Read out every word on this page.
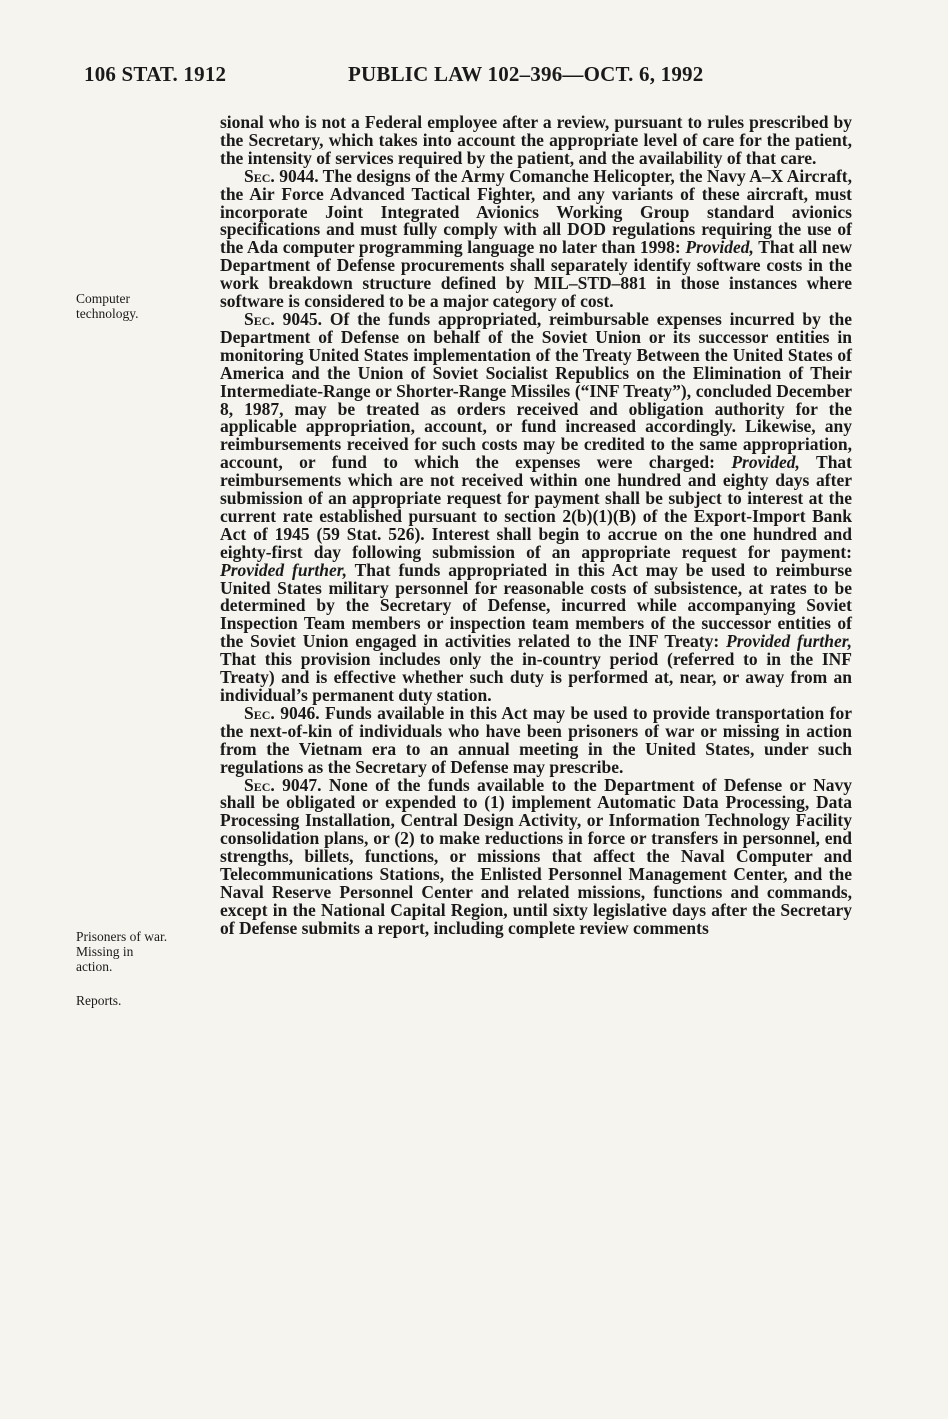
106 STAT. 1912	PUBLIC LAW 102–396—OCT. 6, 1992
Computer
technology.
Prisoners of war.
Missing in
action.
Reports.

sional who is not a Federal employee after a review, pursuant to rules prescribed by the Secretary, which takes into account the appropriate level of care for the patient, the intensity of services required by the patient, and the availability of that care.

Sec. 9044. The designs of the Army Comanche Helicopter, the Navy A–X Aircraft, the Air Force Advanced Tactical Fighter, and any variants of these aircraft, must incorporate Joint Integrated Avionics Working Group standard avionics specifications and must fully comply with all DOD regulations requiring the use of the Ada computer programming language no later than 1998: Provided, That all new Department of Defense procurements shall separately identify software costs in the work breakdown structure defined by MIL–STD–881 in those instances where software is considered to be a major category of cost.

Sec. 9045. Of the funds appropriated, reimbursable expenses incurred by the Department of Defense on behalf of the Soviet Union or its successor entities in monitoring United States implementation of the Treaty Between the United States of America and the Union of Soviet Socialist Republics on the Elimination of Their Intermediate-Range or Shorter-Range Missiles (“INF Treaty”), concluded December 8, 1987, may be treated as orders received and obligation authority for the applicable appropriation, account, or fund increased accordingly. Likewise, any reimbursements received for such costs may be credited to the same appropriation, account, or fund to which the expenses were charged: Provided, That reimbursements which are not received within one hundred and eighty days after submission of an appropriate request for payment shall be subject to interest at the current rate established pursuant to section 2(b)(1)(B) of the Export-Import Bank Act of 1945 (59 Stat. 526). Interest shall begin to accrue on the one hundred and eighty-first day following submission of an appropriate request for payment: Provided further, That funds appropriated in this Act may be used to reimburse United States military personnel for reasonable costs of subsistence, at rates to be determined by the Secretary of Defense, incurred while accompanying Soviet Inspection Team members or inspection team members of the successor entities of the Soviet Union engaged in activities related to the INF Treaty: Provided further, That this provision includes only the in-country period (referred to in the INF Treaty) and is effective whether such duty is performed at, near, or away from an individual’s permanent duty station.

Sec. 9046. Funds available in this Act may be used to provide transportation for the next-of-kin of individuals who have been prisoners of war or missing in action from the Vietnam era to an annual meeting in the United States, under such regulations as the Secretary of Defense may prescribe.

Sec. 9047. None of the funds available to the Department of Defense or Navy shall be obligated or expended to (1) implement Automatic Data Processing, Data Processing Installation, Central Design Activity, or Information Technology Facility consolidation plans, or (2) to make reductions in force or transfers in personnel, end strengths, billets, functions, or missions that affect the Naval Computer and Telecommunications Stations, the Enlisted Personnel Management Center, and the Naval Reserve Personnel Center and related missions, functions and commands, except in the National Capital Region, until sixty legislative days after the Secretary of Defense submits a report, including complete review comments
